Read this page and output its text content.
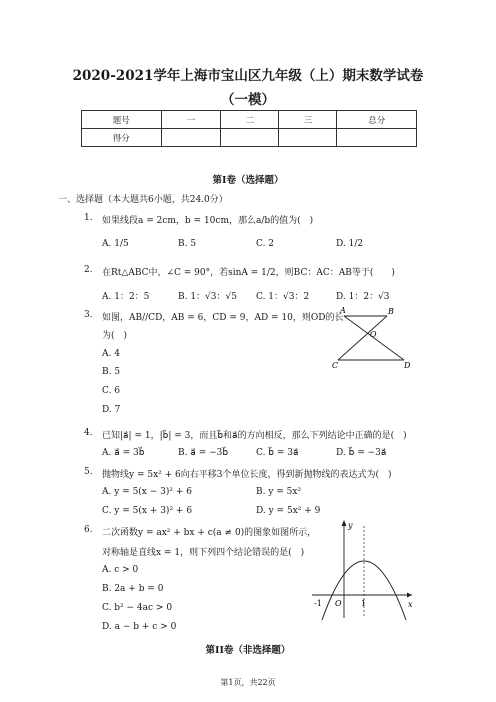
2020-2021学年上海市宝山区九年级（上）期末数学试卷
（一模）
题号	一	二	三	总分
得分				
第I卷（选择题）
一、选择题（本大题共6小题，共24.0分）
1. 如果线段a = 2cm，b = 10cm，那么a/b的值为(　)
A. 1/5	B. 5	C. 2	D. 1/2
2. 在Rt△ABC中，∠C = 90°，若sinA = 1/2，则BC：AC：AB等于(　　)
A. 1：2：5	B. 1：√3：√5 C. 1：√3：2	D. 1：2：√3
3. 如图，AB//CD，AB = 6，CD = 9，AD = 10，则OD的长
为(　)
A. 4
B. 5
C. 6
D. 7
A	B
O
C	D
4. 已知|a⃗| = 1，|b⃗| = 3，而且b⃗和a⃗的方向相反，那么下列结论中正确的是(　)
A. a⃗ = 3b⃗	B. a⃗ = −3b⃗	C. b⃗ = 3a⃗	D. b⃗ = −3a⃗
5. 抛物线y = 5x² + 6向右平移3个单位长度，得到新抛物线的表达式为(　)
A. y = 5(x − 3)² + 6	B. y = 5x²
C. y = 5(x + 3)² + 6	D. y = 5x² + 9
6. 二次函数y = ax² + bx + c(a ≠ 0)的图象如图所示，
对称轴是直线x = 1，则下列四个结论错误的是(　)
A. c > 0
B. 2a + b = 0
C. b² − 4ac > 0
D. a − b + c > 0
y
x
O
-1	1
第II卷（非选择题）
第1页，共22页
